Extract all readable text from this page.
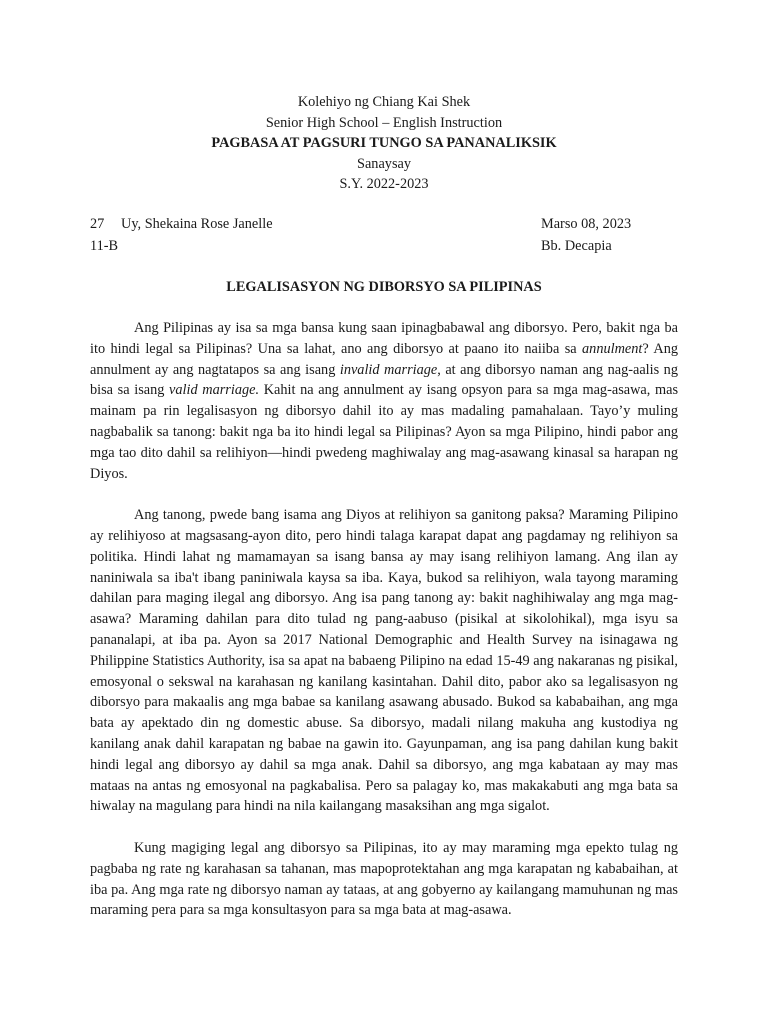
Kolehiyo ng Chiang Kai Shek
Senior High School – English Instruction
PAGBASA AT PAGSURI TUNGO SA PANANALIKSIK
Sanaysay
S.Y. 2022-2023
27 Uy, Shekaina Rose Janelle	Marso 08, 2023
11-B	Bb. Decapia
LEGALISASYON NG DIBORSYO SA PILIPINAS

Ang Pilipinas ay isa sa mga bansa kung saan ipinagbabawal ang diborsyo. Pero, bakit nga ba ito hindi legal sa Pilipinas? Una sa lahat, ano ang diborsyo at paano ito naiiba sa annulment? Ang annulment ay ang nagtatapos sa ang isang invalid marriage, at ang diborsyo naman ang nag-aalis ng bisa sa isang valid marriage. Kahit na ang annulment ay isang opsyon para sa mga mag-asawa, mas mainam pa rin legalisasyon ng diborsyo dahil ito ay mas madaling pamahalaan. Tayo’y muling nagbabalik sa tanong: bakit nga ba ito hindi legal sa Pilipinas? Ayon sa mga Pilipino, hindi pabor ang mga tao dito dahil sa relihiyon—hindi pwedeng maghiwalay ang mag-asawang kinasal sa harapan ng Diyos.

Ang tanong, pwede bang isama ang Diyos at relihiyon sa ganitong paksa? Maraming Pilipino ay relihiyoso at magsasang-ayon dito, pero hindi talaga karapat dapat ang pagdamay ng relihiyon sa politika. Hindi lahat ng mamamayan sa isang bansa ay may isang relihiyon lamang. Ang ilan ay naniniwala sa iba't ibang paniniwala kaysa sa iba. Kaya, bukod sa relihiyon, wala tayong maraming dahilan para maging ilegal ang diborsyo. Ang isa pang tanong ay: bakit naghihiwalay ang mga mag-asawa? Maraming dahilan para dito tulad ng pang-aabuso (pisikal at sikolohikal), mga isyu sa pananalapi, at iba pa. Ayon sa 2017 National Demographic and Health Survey na isinagawa ng Philippine Statistics Authority, isa sa apat na babaeng Pilipino na edad 15-49 ang nakaranas ng pisikal, emosyonal o sekswal na karahasan ng kanilang kasintahan. Dahil dito, pabor ako sa legalisasyon ng diborsyo para makaalis ang mga babae sa kanilang asawang abusado. Bukod sa kababaihan, ang mga bata ay apektado din ng domestic abuse. Sa diborsyo, madali nilang makuha ang kustodiya ng kanilang anak dahil karapatan ng babae na gawin ito. Gayunpaman, ang isa pang dahilan kung bakit hindi legal ang diborsyo ay dahil sa mga anak. Dahil sa diborsyo, ang mga kabataan ay may mas mataas na antas ng emosyonal na pagkabalisa. Pero sa palagay ko, mas makakabuti ang mga bata sa hiwalay na magulang para hindi na nila kailangang masaksihan ang mga sigalot.

Kung magiging legal ang diborsyo sa Pilipinas, ito ay may maraming mga epekto tulag ng pagbaba ng rate ng karahasan sa tahanan, mas mapoprotektahan ang mga karapatan ng kababaihan, at iba pa. Ang mga rate ng diborsyo naman ay tataas, at ang gobyerno ay kailangang mamuhunan ng mas maraming pera para sa mga konsultasyon para sa mga bata at mag-asawa.
